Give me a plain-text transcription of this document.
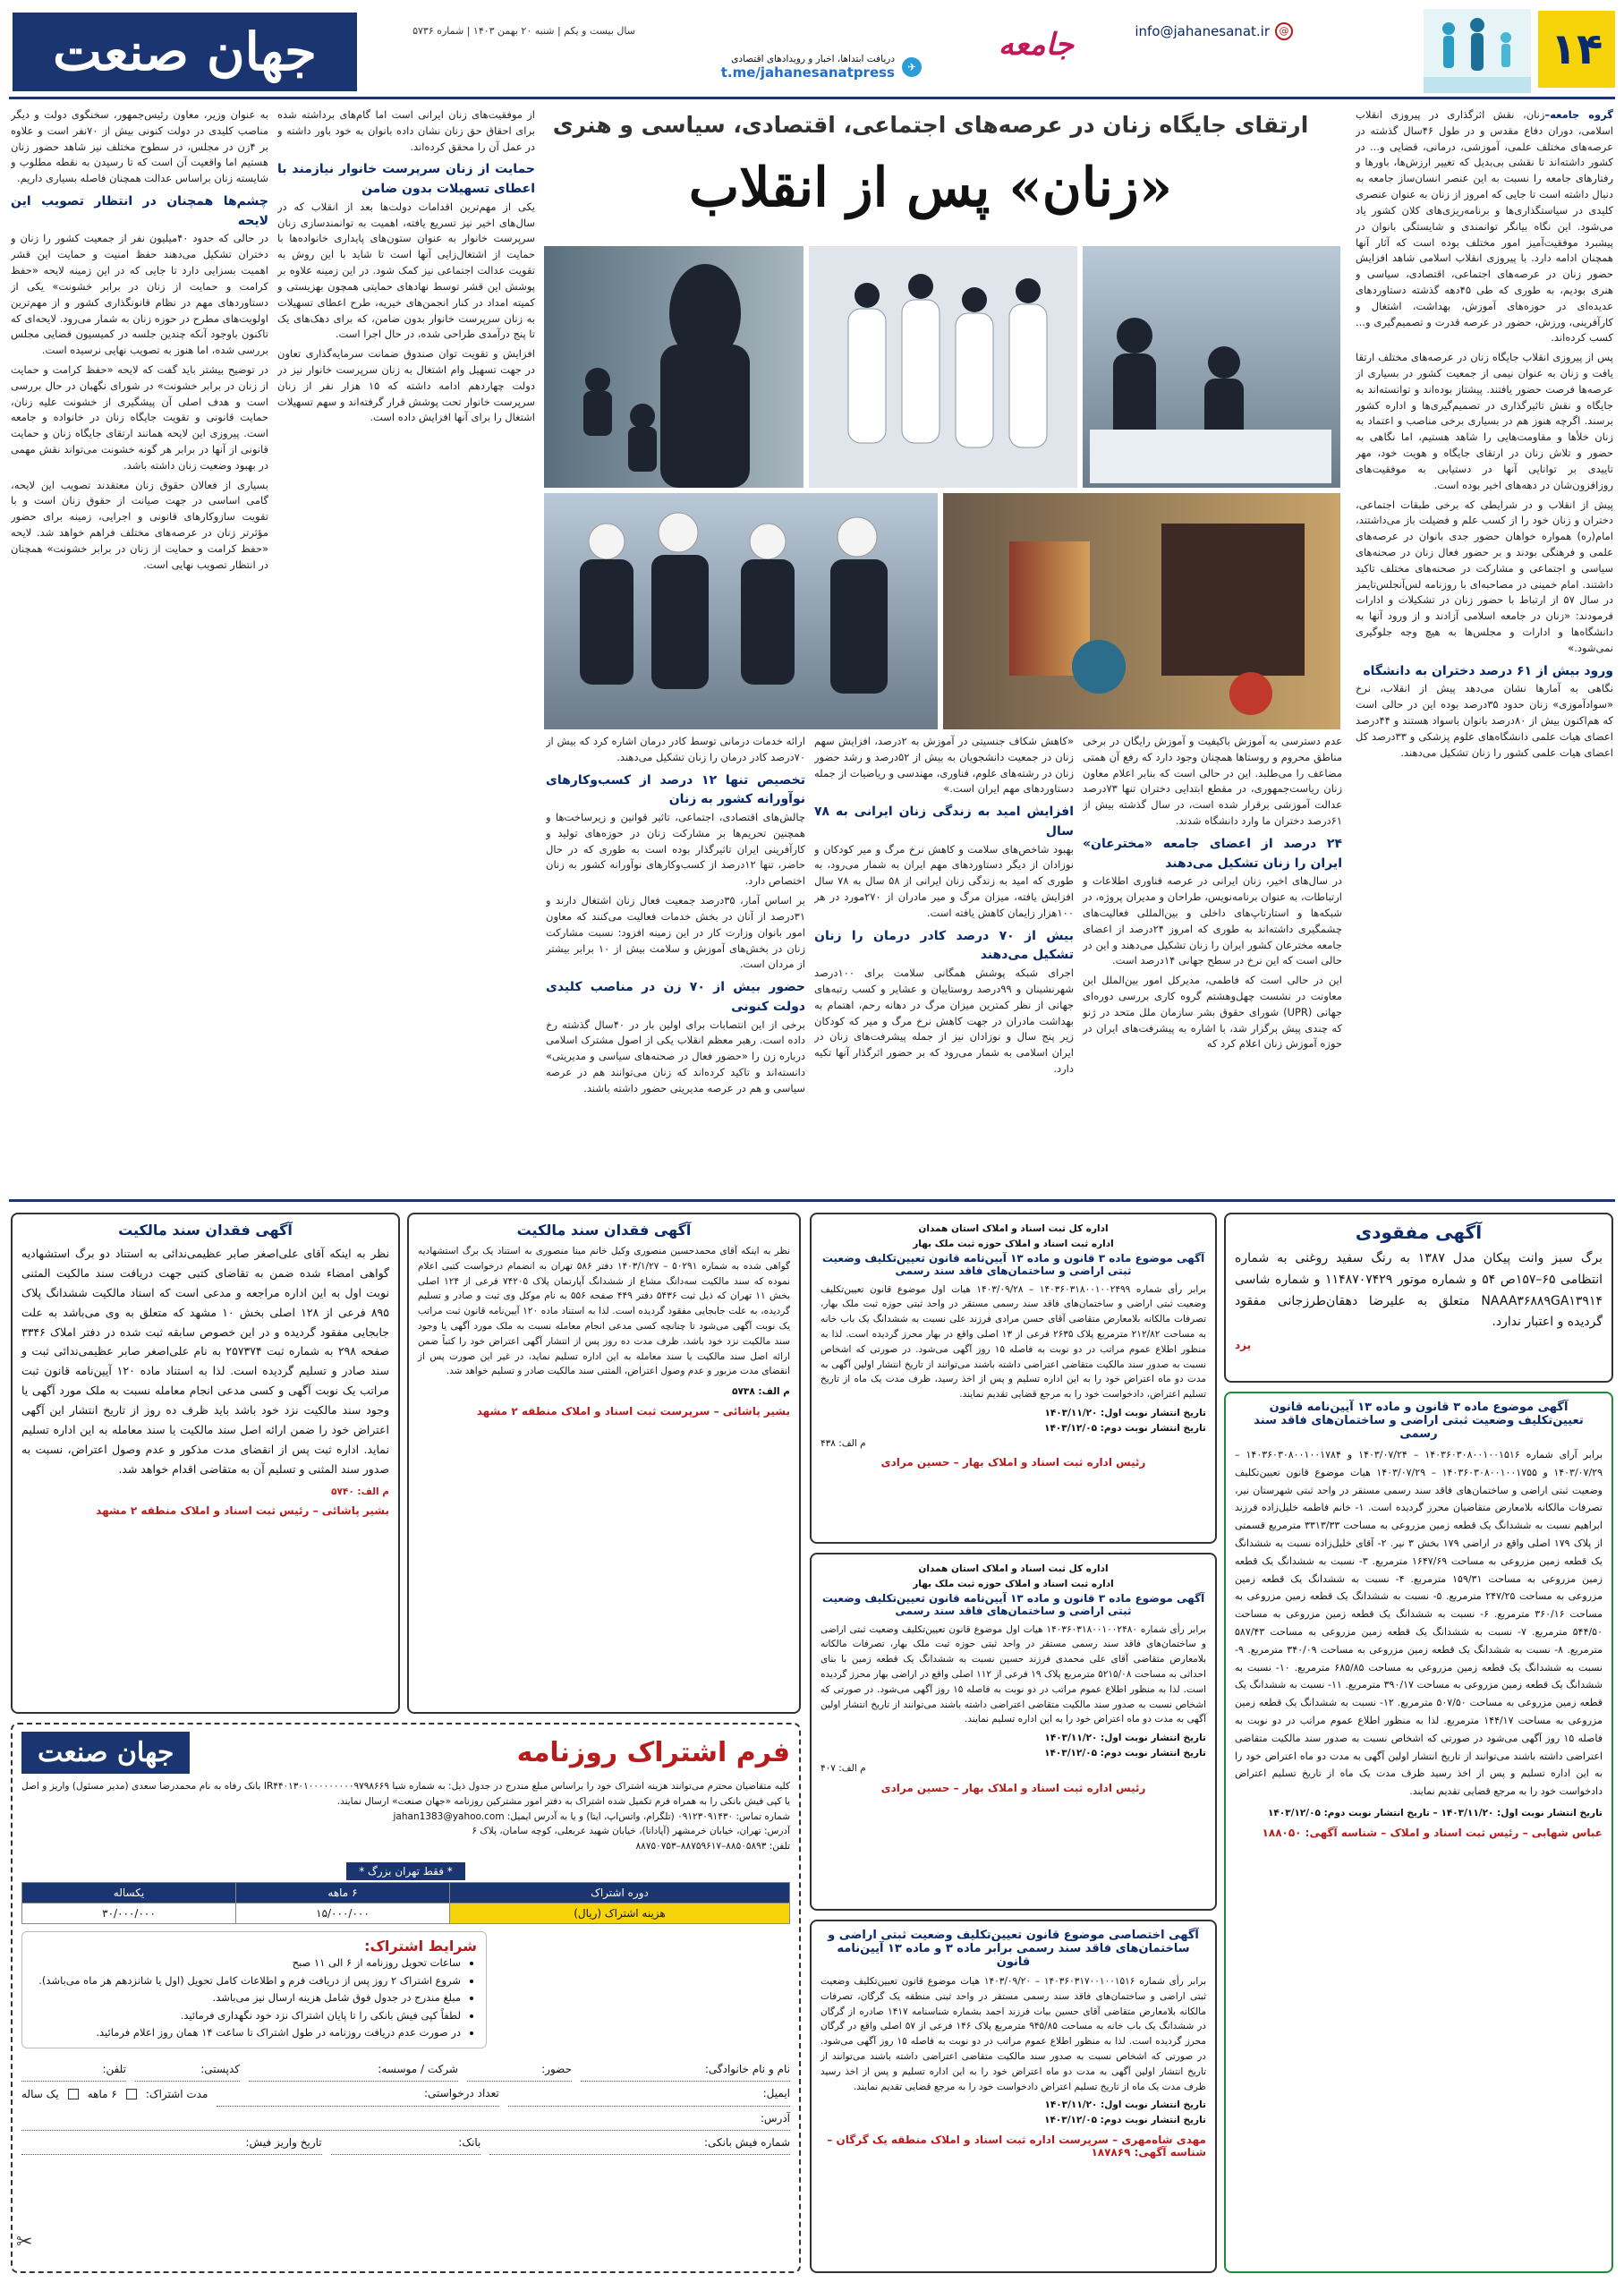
۱۴
@
info@jahanesanat.ir
جامعه
✈
دریافت ابتدا‌ها، اخبار و رویدادهای اقتصادی
t.me/jahanesanatpress
سال بیست و یکم | شنبه ۲۰ بهمن ۱۴۰۳ | شماره ۵۷۳۶
جهان صنعت
ارتقای جایگاه زنان در عرصه‌های اجتماعی، اقتصادی، سیاسی و هنری
«زنان» پس از انقلاب

گروه جامعه–زنان، نقش اثرگذاری در پیروزی انقلاب اسلامی، دوران دفاع مقدس و در طول ۴۶سال گذشته در عرصه‌های مختلف علمی، آموزشی، درمانی، قضایی و... در کشور داشته‌اند تا نقشی بی‌بدیل که تغییر ارزش‌ها، باورها و رفتارهای جامعه را نسبت به این عنصر انسان‌ساز جامعه به دنبال داشته است تا جایی که امروز از زنان به عنوان عنصری کلیدی در سیاستگذاری‌ها و برنامه‌ریزی‌های کلان کشور یاد می‌شود. این نگاه بیانگر توانمندی و شایستگی بانوان در پیشبرد موفقیت‌آمیز امور مختلف بوده است که آثار آنها همچنان ادامه دارد. با پیروزی انقلاب اسلامی شاهد افزایش حضور زنان در عرصه‌های اجتماعی، اقتصادی، سیاسی و هنری بودیم، به طوری که طی ۴۵دهه گذشته دستاوردهای عدیده‌ای در حوزه‌های آموزش، بهداشت، اشتغال و کارآفرینی، ورزش، حضور در عرصه قدرت و تصمیم‌گیری و... کسب کرده‌اند.

پس از پیروزی انقلاب جایگاه زنان در عرصه‌های مختلف ارتقا یافت و زنان به عنوان نیمی از جمعیت کشور در بسیاری از عرصه‌ها فرصت حضور یافتند. پیشتاز بوده‌اند و توانسته‌اند به جایگاه و نقش تاثیرگذاری در تصمیم‌گیری‌ها و اداره کشور برسند. اگرچه هنوز هم در بسیاری برخی مناصب و اعتماد به زنان خلأها و مقاومت‌هایی را شاهد هستیم، اما نگاهی به حضور و تلاش زنان در ارتقای جایگاه و هویت خود، مهر تاییدی بر توانایی آنها در دستیابی به موفقیت‌های روزافزون‌شان در دهه‌های اخیر بوده است.

پیش از انقلاب و در شرایطی که برخی طبقات اجتماعی، دختران و زنان خود را از کسب علم و فضیلت باز می‌داشتند، امام(ره) همواره خواهان حضور جدی بانوان در عرصه‌های علمی و فرهنگی بودند و بر حضور فعال زنان در صحنه‌های سیاسی و اجتماعی و مشارکت در صحنه‌های مختلف تاکید داشتند. امام خمینی در مصاحبه‌ای با روزنامه لس‌آنجلس‌تایمز در سال ۵۷ از ارتباط با حضور زنان در تشکیلات و ادارات فرمودند: «زنان در جامعه اسلامی آزادند و از ورود آنها به دانشگاه‌ها و ادارات و مجلس‌ها به هیچ وجه جلوگیری نمی‌شود.»

ورود بیش از ۶۱ درصد دختران به دانشگاه

نگاهی به آمارها نشان می‌دهد پیش از انقلاب، نرخ «سوادآموزی» زنان حدود ۳۵درصد بوده این در حالی است که هم‌اکنون بیش از ۸۰درصد بانوان باسواد هستند و ۴۴درصد اعضای هیات علمی دانشگاه‌های علوم پزشکی و ۳۳درصد کل اعضای هیات علمی کشور را زنان تشکیل می‌دهند.

عدم دسترسی به آموزش باکیفیت و آموزش رایگان در برخی مناطق محروم و روستاها همچنان وجود دارد که رفع آن همتی مضاعف را می‌طلبد. این در حالی است که بنابر اعلام معاون زنان ریاست‌جمهوری، در مقطع ابتدایی دختران تنها ۷۳درصد عدالت آموزشی برقرار شده است، در سال گذشته بیش از ۶۱درصد دختران ما وارد دانشگاه شدند.

۲۴ درصد از اعضای جامعه «مخترعان» ایران را زنان تشکیل می‌دهند

در سال‌های اخیر، زنان ایرانی در عرصه فناوری اطلاعات و ارتباطات، به عنوان برنامه‌نویس، طراحان و مدیران پروژه، در شبکه‌ها و استارتاپ‌های داخلی و بین‌المللی فعالیت‌های چشمگیری داشته‌اند به طوری که امروز ۲۴درصد از اعضای جامعه مخترعان کشور ایران را زنان تشکیل می‌دهند و این در حالی است که این نرخ در سطح جهانی ۱۴درصد است.

این در حالی است که فاطمی، مدیرکل امور بین‌الملل ابن معاونت در نشست چهل‌وهشتم گروه کاری بررسی دوره‌ای جهانی (UPR) شورای حقوق بشر سازمان ملل متحد در ژنو که چندی پیش برگزار شد، با اشاره به پیشرفت‌های ایران در حوزه آموزش زنان اعلام کرد که

«کاهش شکاف جنسیتی در آموزش به ۲درصد، افزایش سهم زنان در جمعیت دانشجویان به بیش از ۵۲درصد و رشد حضور زنان در رشته‌های علوم، فناوری، مهندسی و ریاضیات از جمله دستاوردهای مهم ایران است.»

افزایش امید به زندگی زنان ایرانی به ۷۸ سال

بهبود شاخص‌های سلامت و کاهش نرخ مرگ و میر کودکان و نوزادان از دیگر دستاوردهای مهم ایران به شمار می‌رود، به طوری که امید به زندگی زنان ایرانی از ۵۸ سال به ۷۸ سال افزایش یافته، میزان مرگ و میر مادران از ۲۷۰مورد در هر ۱۰۰هزار زایمان کاهش یافته است.

بیش از ۷۰ درصد کادر درمان را زنان تشکیل می‌دهند

اجرای شبکه پوشش همگانی سلامت برای ۱۰۰درصد شهرنشینان و ۹۹درصد روستاییان و عشایر و کسب رتبه‌های جهانی از نظر کمترین میزان مرگ در دهانه رحم، اهتمام به بهداشت مادران در جهت کاهش نرخ مرگ و میر که کودکان زیر پنج سال و نوزادان نیز از جمله پیشرفت‌های زنان در ایران اسلامی به شمار می‌رود که بر حضور اثرگذار آنها تکیه دارد.

ارائه خدمات درمانی توسط کادر درمان اشاره کرد که بیش از ۷۰درصد کادر درمان را زنان تشکیل می‌دهند.

تخصیص تنها ۱۲ درصد از کسب‌وکارهای نوآورانه کشور به زنان

چالش‌های اقتصادی، اجتماعی، تاثیر قوانین و زیرساخت‌ها و همچنین تحریم‌ها بر مشارکت زنان در حوزه‌های تولید و کارآفرینی ایران تاثیرگذار بوده است به طوری که در حال حاضر، تنها ۱۲درصد از کسب‌وکارهای نوآورانه کشور به زنان اختصاص دارد.

بر اساس آمار، ۳۵درصد جمعیت فعال زنان اشتغال دارند و ۳۱درصد از آنان در بخش خدمات فعالیت می‌کنند که معاون امور بانوان وزارت کار در این زمینه افزود: نسبت مشارکت زنان در بخش‌های آموزش و سلامت بیش از ۱۰ برابر بیشتر از مردان است.

حضور بیش از ۷۰ زن در مناصب کلیدی دولت کنونی

برخی از این انتصابات برای اولین بار در ۴۰سال گذشته رخ داده است. رهبر معظم انقلاب یکی از اصول مشترک اسلامی درباره زن را «حضور فعال در صحنه‌های سیاسی و مدیریتی» دانسته‌اند و تاکید کرده‌اند که زنان می‌توانند هم در عرصه سیاسی و هم در عرصه مدیریتی حضور داشته باشند.

از موفقیت‌های زنان ایرانی است اما گام‌های برداشته شده برای احقاق حق زنان نشان داده بانوان به خود باور داشته و در عمل آن را محقق کرده‌اند.

حمایت از زنان سرپرست خانوار نیازمند با اعطای تسهیلات بدون ضامن

یکی از مهم‌ترین اقدامات دولت‌ها بعد از انقلاب که در سال‌های اخیر نیز تسریع یافته، اهمیت به توانمندسازی زنان سرپرست خانوار به عنوان ستون‌های پایداری خانواده‌ها با حمایت از اشتغال‌زایی آنها است تا شاید با این روش به تقویت عدالت اجتماعی نیز کمک شود. در این زمینه علاوه بر پوشش این قشر توسط نهادهای حمایتی همچون بهزیستی و کمیته امداد در کنار انجمن‌های خیریه، طرح اعطای تسهیلات به زنان سرپرست خانوار بدون ضامن، که برای دهک‌های یک تا پنج درآمدی طراحی شده، در حال اجرا است.

افزایش و تقویت توان صندوق ضمانت سرمایه‌گذاری تعاون در جهت تسهیل وام اشتغال به زنان سرپرست خانوار نیز در دولت چهاردهم ادامه داشته که ۱۵ هزار نفر از زنان سرپرست خانوار تحت پوشش قرار گرفته‌اند و سهم تسهیلات اشتغال را برای آنها افزایش داده است.

به عنوان وزیر، معاون رئیس‌جمهور، سخنگوی دولت و دیگر مناصب کلیدی در دولت کنونی بیش از ۷۰نفر است و علاوه بر ۴زن در مجلس، در سطوح مختلف نیز شاهد حضور زنان هستیم اما واقعیت آن است که تا رسیدن به نقطه مطلوب و شایسته زنان براساس عدالت همچنان فاصله بسیاری داریم.

چشم‌ها همچنان در انتظار تصویب این لایحه

در حالی که حدود ۴۰میلیون نفر از جمعیت کشور را زنان و دختران تشکیل می‌دهند حفظ امنیت و حمایت این قشر اهمیت بسزایی دارد تا جایی که در این زمینه لایحه «حفظ کرامت و حمایت از زنان در برابر خشونت» یکی از دستاوردهای مهم در نظام قانونگذاری کشور و از مهم‌ترین اولویت‌های مطرح در حوزه زنان به شمار می‌رود. لایحه‌ای که تاکنون باوجود آنکه چندین جلسه در کمیسیون قضایی مجلس بررسی شده، اما هنوز به تصویب نهایی نرسیده است.

در توضیح بیشتر باید گفت که لایحه «حفظ کرامت و حمایت از زنان در برابر خشونت» در شورای نگهبان در حال بررسی است و هدف اصلی آن پیشگیری از خشونت علیه زنان، حمایت قانونی و تقویت جایگاه زنان در خانواده و جامعه است. پیروزی این لایحه همانند ارتقای جایگاه زنان و حمایت قانونی از آنها در برابر هر گونه خشونت می‌تواند نقش مهمی در بهبود وضعیت زنان داشته باشد.

بسیاری از فعالان حقوق زنان معتقدند تصویب این لایحه، گامی اساسی در جهت صیانت از حقوق زنان است و با تقویت سازوکارهای قانونی و اجرایی، زمینه برای حضور مؤثرتر زنان در عرصه‌های مختلف فراهم خواهد شد. لایحه «حفظ کرامت و حمایت از زنان در برابر خشونت» همچنان در انتظار تصویب نهایی است.

آگهی مفقودی
برگ سبز وانت پیکان مدل ۱۳۸۷ به رنگ سفید روغنی به شماره انتظامی ۶۵–۱۵۷ص ۵۴ و شماره موتور ۱۱۴۸۷۰۷۴۲۹ و شماره شاسی NAAA۳۶۸۸۹GA۱۳۹۱۴ متعلق به علیرضا دهقان‌طرزجانی مفقود گردیده و اعتبار ندارد.
یزد
آگهی موضوع ماده ۳ قانون و ماده ۱۳ آیین‌نامه قانون تعیین‌تکلیف وضعیت ثبتی اراضی و ساختمان‌های فاقد سند رسمی
برابر آرای شماره ۱۴۰۳۶۰۳۰۸۰۰۱۰۰۱۵۱۶ – ۱۴۰۳/۰۷/۲۴ و ۱۴۰۳۶۰۳۰۸۰۰۱۰۰۱۷۸۴ – ۱۴۰۳/۰۷/۲۹ و ۱۴۰۳۶۰۳۰۸۰۰۱۰۰۱۷۵۵ – ۱۴۰۳/۰۷/۲۹ هیات موضوع قانون تعیین‌تکلیف وضعیت ثبتی اراضی و ساختمان‌های فاقد سند رسمی مستقر در واحد ثبتی شهرستان نیر، تصرفات مالکانه بلامعارض متقاضیان محرز گردیده است. ۱- خانم فاطمه خلیل‌زاده فرزند ابراهیم نسبت به ششدانگ یک قطعه زمین مزروعی به مساحت ۳۳۱۳/۳۳ مترمربع قسمتی از پلاک ۱۷۹ اصلی واقع در اراضی ۱۷۹ بخش ۳ نیر. ۲- آقای خلیل‌زاده نسبت به ششدانگ یک قطعه زمین مزروعی به مساحت ۱۶۴۷/۶۹ مترمربع. ۳- نسبت به ششدانگ یک قطعه زمین مزروعی به مساحت ۱۵۹/۳۱ مترمربع. ۴- نسبت به ششدانگ یک قطعه زمین مزروعی به مساحت ۲۴۷/۲۵ مترمربع. ۵- نسبت به ششدانگ یک قطعه زمین مزروعی به مساحت ۳۶۰/۱۶ مترمربع. ۶- نسبت به ششدانگ یک قطعه زمین مزروعی به مساحت ۵۴۴/۵۰ مترمربع. ۷- نسبت به ششدانگ یک قطعه زمین مزروعی به مساحت ۵۸۷/۴۳ مترمربع. ۸- نسبت به ششدانگ یک قطعه زمین مزروعی به مساحت ۳۴۰/۰۹ مترمربع. ۹- نسبت به ششدانگ یک قطعه زمین مزروعی به مساحت ۶۸۵/۸۵ مترمربع. ۱۰- نسبت به ششدانگ یک قطعه زمین مزروعی به مساحت ۳۹۰/۱۷ مترمربع. ۱۱- نسبت به ششدانگ یک قطعه زمین مزروعی به مساحت ۵۰۷/۵۰ مترمربع. ۱۲- نسبت به ششدانگ یک قطعه زمین مزروعی به مساحت ۱۴۴/۱۷ مترمربع. لذا به منظور اطلاع عموم مراتب در دو نوبت به فاصله ۱۵ روز آگهی می‌شود در صورتی که اشخاص نسبت به صدور سند مالکیت متقاضی اعتراضی داشته باشند می‌توانند از تاریخ انتشار اولین آگهی به مدت دو ماه اعتراض خود را به این اداره تسلیم و پس از اخذ رسید ظرف مدت یک ماه از تاریخ تسلیم اعتراض دادخواست خود را به مرجع قضایی تقدیم نمایند.
تاریخ انتشار نوبت اول: ۱۴۰۳/۱۱/۲۰ – تاریخ انتشار نوبت دوم: ۱۴۰۳/۱۲/۰۵
عباس شهابی – رئیس ثبت اسناد و املاک – شناسه آگهی: ۱۸۸۰۵۰
اداره کل ثبت اسناد و املاک استان همدان
اداره ثبت اسناد و املاک حوزه ثبت ملک بهار
آگهی موضوع ماده ۳ قانون و ماده ۱۳ آیین‌نامه قانون تعیین‌تکلیف وضعیت ثبتی اراضی و ساختمان‌های فاقد سند رسمی
برابر رأی شماره ۱۴۰۳۶۰۳۱۸۰۰۱۰۰۲۴۹۹ – ۱۴۰۳/۰۹/۲۸ هیات اول موضوع قانون تعیین‌تکلیف وضعیت ثبتی اراضی و ساختمان‌های فاقد سند رسمی مستقر در واحد ثبتی حوزه ثبت ملک بهار، تصرفات مالکانه بلامعارض متقاضی آقای حسن مرادی فرزند علی نسبت به ششدانگ یک باب خانه به مساحت ۲۱۲/۸۲ مترمربع پلاک ۲۶۳۵ فرعی از ۱۳ اصلی واقع در بهار محرز گردیده است. لذا به منظور اطلاع عموم مراتب در دو نوبت به فاصله ۱۵ روز آگهی می‌شود. در صورتی که اشخاص نسبت به صدور سند مالکیت متقاضی اعتراضی داشته باشند می‌توانند از تاریخ انتشار اولین آگهی به مدت دو ماه اعتراض خود را به این اداره تسلیم و پس از اخذ رسید، ظرف مدت یک ماه از تاریخ تسلیم اعتراض، دادخواست خود را به مرجع قضایی تقدیم نمایند.
تاریخ انتشار نوبت اول: ۱۴۰۳/۱۱/۲۰
تاریخ انتشار نوبت دوم: ۱۴۰۳/۱۲/۰۵
م الف: ۴۳۸
رئیس اداره ثبت اسناد و املاک بهار – حسین مرادی
اداره کل ثبت اسناد و املاک استان همدان
اداره ثبت اسناد و املاک حوزه ثبت ملک بهار
آگهی موضوع ماده ۳ قانون و ماده ۱۳ آیین‌نامه قانون تعیین‌تکلیف وضعیت ثبتی اراضی و ساختمان‌های فاقد سند رسمی
برابر رأی شماره ۱۴۰۳۶۰۳۱۸۰۰۱۰۰۲۴۸۰ هیات اول موضوع قانون تعیین‌تکلیف وضعیت ثبتی اراضی و ساختمان‌های فاقد سند رسمی مستقر در واحد ثبتی حوزه ثبت ملک بهار، تصرفات مالکانه بلامعارض متقاضی آقای علی محمدی فرزند حسین نسبت به ششدانگ یک قطعه زمین با بنای احداثی به مساحت ۵۲۱۵/۰۸ مترمربع پلاک ۱۹ فرعی از ۱۱۲ اصلی واقع در اراضی بهار محرز گردیده است. لذا به منظور اطلاع عموم مراتب در دو نوبت به فاصله ۱۵ روز آگهی می‌شود. در صورتی که اشخاص نسبت به صدور سند مالکیت متقاضی اعتراضی داشته باشند می‌توانند از تاریخ انتشار اولین آگهی به مدت دو ماه اعتراض خود را به این اداره تسلیم نمایند.
تاریخ انتشار نوبت اول: ۱۴۰۳/۱۱/۲۰
تاریخ انتشار نوبت دوم: ۱۴۰۳/۱۲/۰۵
م الف: ۴۰۷
رئیس اداره ثبت اسناد و املاک بهار – حسین مرادی
آگهی اختصاصی موضوع قانون تعیین‌تکلیف وضعیت ثبتی اراضی و ساختمان‌های فاقد سند رسمی برابر ماده ۳ و ماده ۱۳ آیین‌نامه قانون
برابر رأی شماره ۱۴۰۳۶۰۳۱۷۰۰۱۰۰۱۵۱۶ – ۱۴۰۳/۰۹/۲۰ هیات موضوع قانون تعیین‌تکلیف وضعیت ثبتی اراضی و ساختمان‌های فاقد سند رسمی مستقر در واحد ثبتی منطقه یک گرگان، تصرفات مالکانه بلامعارض متقاضی آقای حسین بیات فرزند احمد بشماره شناسنامه ۱۴۱۷ صادره از گرگان در ششدانگ یک باب خانه به مساحت ۹۴۵/۸۵ مترمربع پلاک ۱۴۶ فرعی از ۵۷ اصلی واقع در گرگان محرز گردیده است. لذا به منظور اطلاع عموم مراتب در دو نوبت به فاصله ۱۵ روز آگهی می‌شود. در صورتی که اشخاص نسبت به صدور سند مالکیت متقاضی اعتراضی داشته باشند می‌توانند از تاریخ انتشار اولین آگهی به مدت دو ماه اعتراض خود را به این اداره تسلیم و پس از اخذ رسید ظرف مدت یک ماه از تاریخ تسلیم اعتراض دادخواست خود را به مرجع قضایی تقدیم نمایند.
تاریخ انتشار نوبت اول: ۱۴۰۳/۱۱/۲۰
تاریخ انتشار نوبت دوم: ۱۴۰۳/۱۲/۰۵
مهدی شاه‌مهری – سرپرست اداره ثبت اسناد و املاک منطقه یک گرگان – شناسه آگهی: ۱۸۷۸۶۹
آگهی فقدان سند مالکیت
نظر به اینکه آقای محمدحسین منصوری وکیل خانم مینا منصوری به استناد یک برگ استشهادیه گواهی شده به شماره ۵۰۲۹۱ – ۱۴۰۳/۱/۲۷ دفتر ۵۸۶ تهران به انضمام درخواست کتبی اعلام نموده که سند مالکیت سه‌دانگ مشاع از ششدانگ آپارتمان پلاک ۷۴۲۰۵ فرعی از ۱۲۴ اصلی بخش ۱۱ تهران که ذیل ثبت ۵۴۳۶ دفتر ۴۴۹ صفحه ۵۵۶ به نام موکل وی ثبت و صادر و تسلیم گردیده، به علت جابجایی مفقود گردیده است. لذا به استناد ماده ۱۲۰ آیین‌نامه قانون ثبت مراتب یک نوبت آگهی می‌شود تا چنانچه کسی مدعی انجام معامله نسبت به ملک مورد آگهی یا وجود سند مالکیت نزد خود باشد، ظرف مدت ده روز پس از انتشار آگهی اعتراض خود را کتباً ضمن ارائه اصل سند مالکیت یا سند معامله به این اداره تسلیم نماید، در غیر این صورت پس از انقضای مدت مزبور و عدم وصول اعتراض، المثنی سند مالکیت صادر و تسلیم خواهد شد.
م الف: ۵۷۳۸
بشیر پاشائی – سرپرست ثبت اسناد و املاک منطقه ۲ مشهد
آگهی فقدان سند مالکیت
نظر به اینکه آقای علی‌اصغر صابر عظیمی‌ندائی به استناد دو برگ استشهادیه گواهی امضاء شده ضمن به تقاضای کتبی جهت دریافت سند مالکیت المثنی نوبت اول به این اداره مراجعه و مدعی است که اسناد مالکیت ششدانگ پلاک ۸۹۵ فرعی از ۱۲۸ اصلی بخش ۱۰ مشهد که متعلق به وی می‌باشد به علت جابجایی مفقود گردیده و در این خصوص سابقه ثبت شده در دفتر املاک ۳۳۴۶ صفحه ۲۹۸ به شماره ثبت ۲۵۷۳۷۴ به نام علی‌اصغر صابر عظیمی‌ندائی ثبت و سند صادر و تسلیم گردیده است. لذا به استناد ماده ۱۲۰ آیین‌نامه قانون ثبت مراتب یک نوبت آگهی و کسی مدعی انجام معامله نسبت به ملک مورد آگهی یا وجود سند مالکیت نزد خود باشد باید ظرف ده روز از تاریخ انتشار این آگهی اعتراض خود را ضمن ارائه اصل سند مالکیت یا سند معامله به این اداره تسلیم نماید. اداره ثبت پس از انقضای مدت مذکور و عدم وصول اعتراض، نسبت به صدور سند المثنی و تسلیم آن به متقاضی اقدام خواهد شد.
م الف: ۵۷۴۰
بشیر پاشائی – رئیس ثبت اسناد و املاک منطقه ۲ مشهد
فرم اشتراک روزنامه
جهان صنعت
کلیه متقاضیان محترم می‌توانند هزینه اشتراک خود را براساس مبلغ مندرج در جدول ذیل: به شماره شبا IR۴۴۰۱۳۰۱۰۰۰۰۰۰۰۰۰۹۷۹۸۶۶۹ بانک رفاه به نام محمدرضا سعدی (مدیر مسئول) واریز و اصل یا کپی فیش بانکی را به همراه فرم تکمیل شده اشتراک به دفتر امور مشترکین روزنامه «جهان صنعت» ارسال نمایند.
شماره تماس: ۰۹۱۲۳۰۹۱۴۳۰ (تلگرام، واتس‌اپ، ایتا) و یا به آدرس ایمیل: jahan1383@yahoo.com
آدرس: تهران، خیابان خرمشهر (آپادانا)، خیابان شهید عربعلی، کوچه سامان، پلاک ۶
تلفن: ۸۸۵۰۵۸۹۳–۸۸۷۵۹۶۱۷–۸۸۷۵۰۷۵۳
* فقط تهران بزرگ *
دوره اشتراک	۶ ماهه	یکساله
هزینه اشتراک (ریال)	۱۵/۰۰۰/۰۰۰	۳۰/۰۰۰/۰۰۰
شرایط اشتراک:
• ساعات تحویل روزنامه از ۶ الی ۱۱ صبح
• شروع اشتراک ۲ روز پس از دریافت فرم و اطلاعات کامل تحویل (اول یا شانزدهم هر ماه می‌باشد).
• مبلغ مندرج در جدول فوق شامل هزینه ارسال نیز می‌باشد.
• لطفاً کپی فیش بانکی را تا پایان اشتراک نزد خود نگهداری فرمائید.
• در صورت عدم دریافت روزنامه در طول اشتراک تا ساعت ۱۴ همان روز اعلام فرمائید.
نام و نام خانوادگی:
حضور:
شرکت / موسسه:
کدپستی:
تلفن:
ایمیل:
تعداد درخواستی:
مدت اشتراک:
۶ ماهه
یک ساله
آدرس:
شماره فیش بانکی:
بانک:
تاریخ واریز فیش:
✂
